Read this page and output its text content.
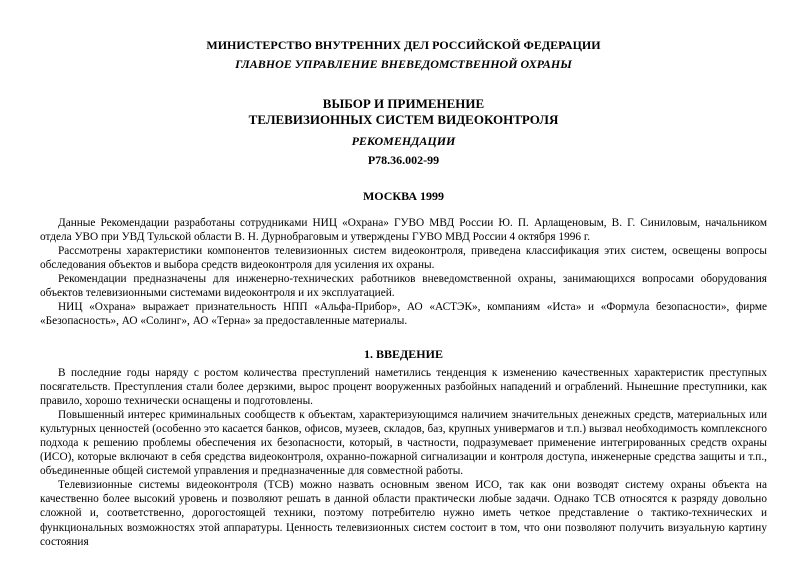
МИНИСТЕРСТВО ВНУТРЕННИХ ДЕЛ РОССИЙСКОЙ ФЕДЕРАЦИИ
ГЛАВНОЕ УПРАВЛЕНИЕ ВНЕВЕДОМСТВЕННОЙ ОХРАНЫ
ВЫБОР И ПРИМЕНЕНИЕ
ТЕЛЕВИЗИОННЫХ СИСТЕМ ВИДЕОКОНТРОЛЯ
РЕКОМЕНДАЦИИ
Р78.36.002-99
МОСКВА 1999

Данные Рекомендации разработаны сотрудниками НИЦ «Охрана» ГУВО МВД России Ю. П. Арлащеновым, В. Г. Синиловым, начальником отдела УВО при УВД Тульской области В. Н. Дурнобраговым и утверждены ГУВО МВД России 4 октября 1996 г.

Рассмотрены характеристики компонентов телевизионных систем видеоконтроля, приведена классификация этих систем, освещены вопросы обследования объектов и выбора средств видеоконтроля для усиления их охраны.

Рекомендации предназначены для инженерно-технических работников вневедомственной охраны, занимающихся вопросами оборудования объектов телевизионными системами видеоконтроля и их эксплуатацией.

НИЦ «Охрана» выражает признательность НПП «Альфа-Прибор», АО «АСТЭК», компаниям «Иста» и «Формула безопасности», фирме «Безопасность», АО «Солинг», АО «Терна» за предоставленные материалы.

1. ВВЕДЕНИЕ

В последние годы наряду с ростом количества преступлений наметились тенденция к изменению качественных характеристик преступных посягательств. Преступления стали более дерзкими, вырос процент вооруженных разбойных нападений и ограблений. Нынешние преступники, как правило, хорошо технически оснащены и подготовлены.

Повышенный интерес криминальных сообществ к объектам, характеризующимся наличием значительных денежных средств, материальных или культурных ценностей (особенно это касается банков, офисов, музеев, складов, баз, крупных универмагов и т.п.) вызвал необходимость комплексного подхода к решению проблемы обеспечения их безопасности, который, в частности, подразумевает применение интегрированных средств охраны (ИСО), которые включают в себя средства видеоконтроля, охранно-пожарной сигнализации и контроля доступа, инженерные средства защиты и т.п., объединенные общей системой управления и предназначенные для совместной работы.

Телевизионные системы видеоконтроля (ТСВ) можно назвать основным звеном ИСО, так как они возводят систему охраны объекта на качественно более высокий уровень и позволяют решать в данной области практически любые задачи. Однако ТСВ относятся к разряду довольно сложной и, соответственно, дорогостоящей техники, поэтому потребителю нужно иметь четкое представление о тактико-технических и функциональных возможностях этой аппаратуры. Ценность телевизионных систем состоит в том, что они позволяют получить визуальную картину состояния
